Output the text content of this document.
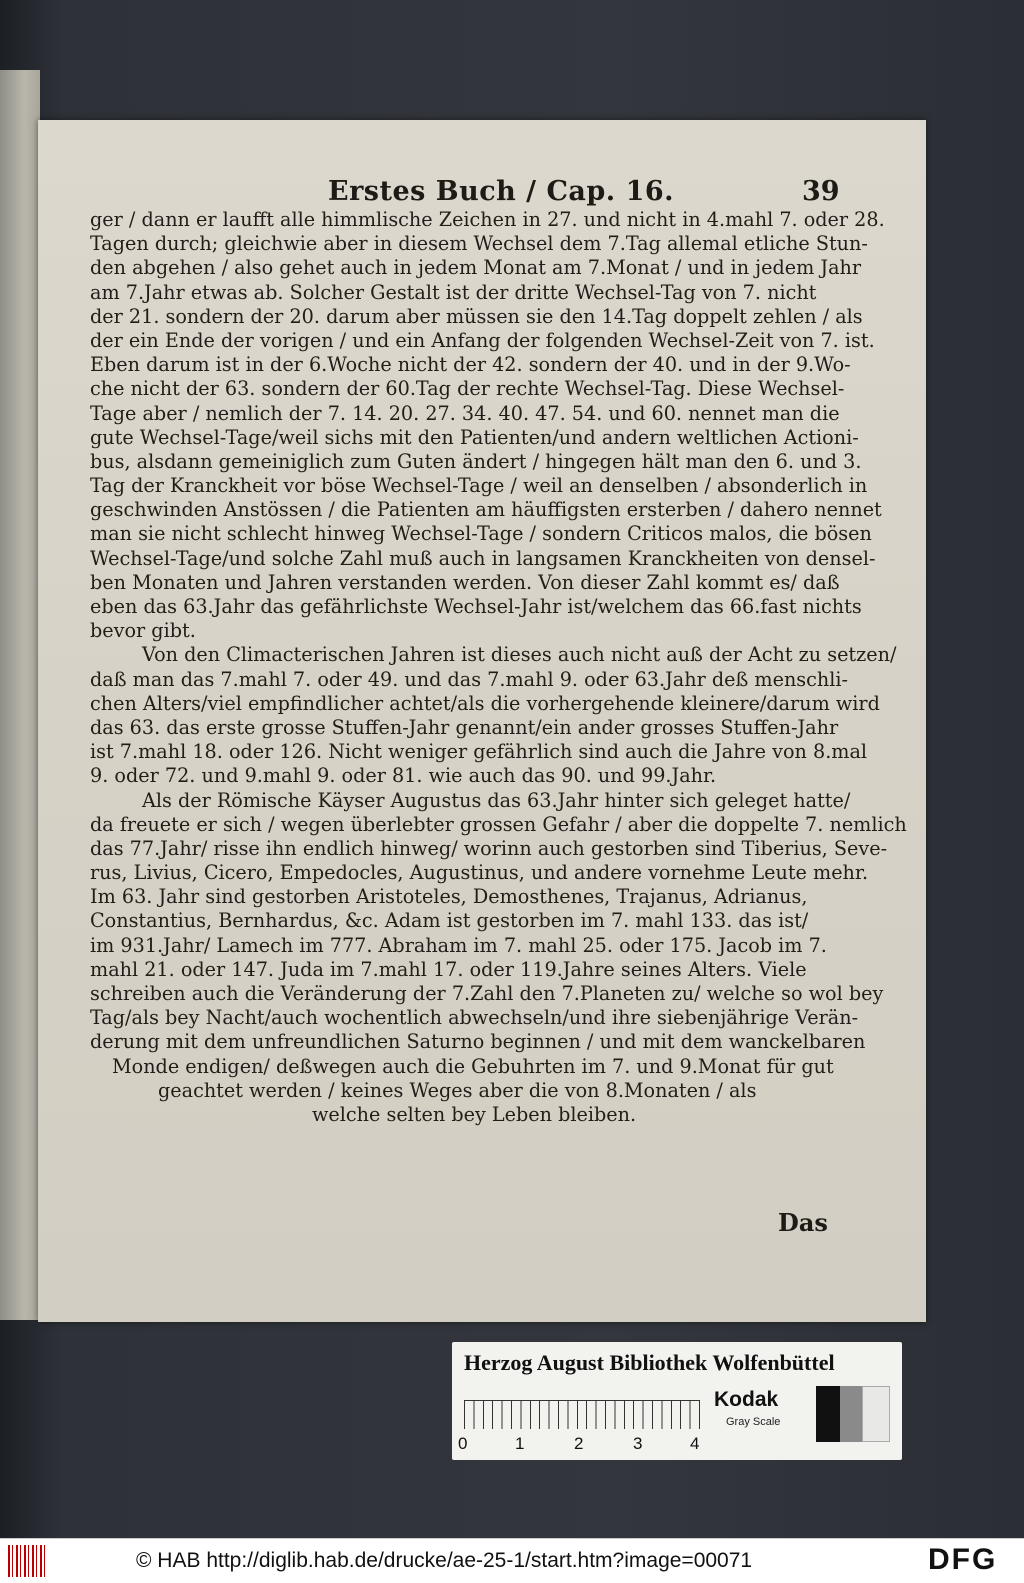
Erstes Buch / Cap. 16.	39
ger / dann er laufft alle himmlische Zeichen in 27. und nicht in 4.mahl 7. oder 28.
Tagen durch; gleichwie aber in diesem Wechsel dem 7.Tag allemal etliche Stun-
den abgehen / also gehet auch in jedem Monat am 7.Monat / und in jedem Jahr
am 7.Jahr etwas ab. Solcher Gestalt ist der dritte Wechsel-Tag von 7. nicht
der 21. sondern der 20. darum aber müssen sie den 14.Tag doppelt zehlen / als
der ein Ende der vorigen / und ein Anfang der folgenden Wechsel-Zeit von 7. ist.
Eben darum ist in der 6.Woche nicht der 42. sondern der 40. und in der 9.Wo-
che nicht der 63. sondern der 60.Tag der rechte Wechsel-Tag. Diese Wechsel-
Tage aber / nemlich der 7. 14. 20. 27. 34. 40. 47. 54. und 60. nennet man die
gute Wechsel-Tage/weil sichs mit den Patienten/und andern weltlichen Actioni-
bus, alsdann gemeiniglich zum Guten ändert / hingegen hält man den 6. und 3.
Tag der Kranckheit vor böse Wechsel-Tage / weil an denselben / absonderlich in
geschwinden Anstössen / die Patienten am häuffigsten ersterben / dahero nennet
man sie nicht schlecht hinweg Wechsel-Tage / sondern Criticos malos, die bösen
Wechsel-Tage/und solche Zahl muß auch in langsamen Kranckheiten von densel-
ben Monaten und Jahren verstanden werden. Von dieser Zahl kommt es/ daß
eben das 63.Jahr das gefährlichste Wechsel-Jahr ist/welchem das 66.fast nichts
bevor gibt.
Von den Climacterischen Jahren ist dieses auch nicht auß der Acht zu setzen/
daß man das 7.mahl 7. oder 49. und das 7.mahl 9. oder 63.Jahr deß menschli-
chen Alters/viel empfindlicher achtet/als die vorhergehende kleinere/darum wird
das 63. das erste grosse Stuffen-Jahr genannt/ein ander grosses Stuffen-Jahr
ist 7.mahl 18. oder 126. Nicht weniger gefährlich sind auch die Jahre von 8.mal
9. oder 72. und 9.mahl 9. oder 81. wie auch das 90. und 99.Jahr.
Als der Römische Käyser Augustus das 63.Jahr hinter sich geleget hatte/
da freuete er sich / wegen überlebter grossen Gefahr / aber die doppelte 7. nemlich
das 77.Jahr/ risse ihn endlich hinweg/ worinn auch gestorben sind Tiberius, Seve-
rus, Livius, Cicero, Empedocles, Augustinus, und andere vornehme Leute mehr.
Im 63. Jahr sind gestorben Aristoteles, Demosthenes, Trajanus, Adrianus,
Constantius, Bernhardus, &c. Adam ist gestorben im 7. mahl 133. das ist/
im 931.Jahr/ Lamech im 777. Abraham im 7. mahl 25. oder 175. Jacob im 7.
mahl 21. oder 147. Juda im 7.mahl 17. oder 119.Jahre seines Alters. Viele
schreiben auch die Veränderung der 7.Zahl den 7.Planeten zu/ welche so wol bey
Tag/als bey Nacht/auch wochentlich abwechseln/und ihre siebenjährige Verän-
derung mit dem unfreundlichen Saturno beginnen / und mit dem wanckelbaren
Monde endigen/ deßwegen auch die Gebuhrten im 7. und 9.Monat für gut
geachtet werden / keines Weges aber die von 8.Monaten / als
welche selten bey Leben bleiben.
Das
Herzog August Bibliothek Wolfenbüttel
0	1	2	3	4
Kodak
Gray Scale
© HAB http://diglib.hab.de/drucke/ae-25-1/start.htm?image=00071	DFG
